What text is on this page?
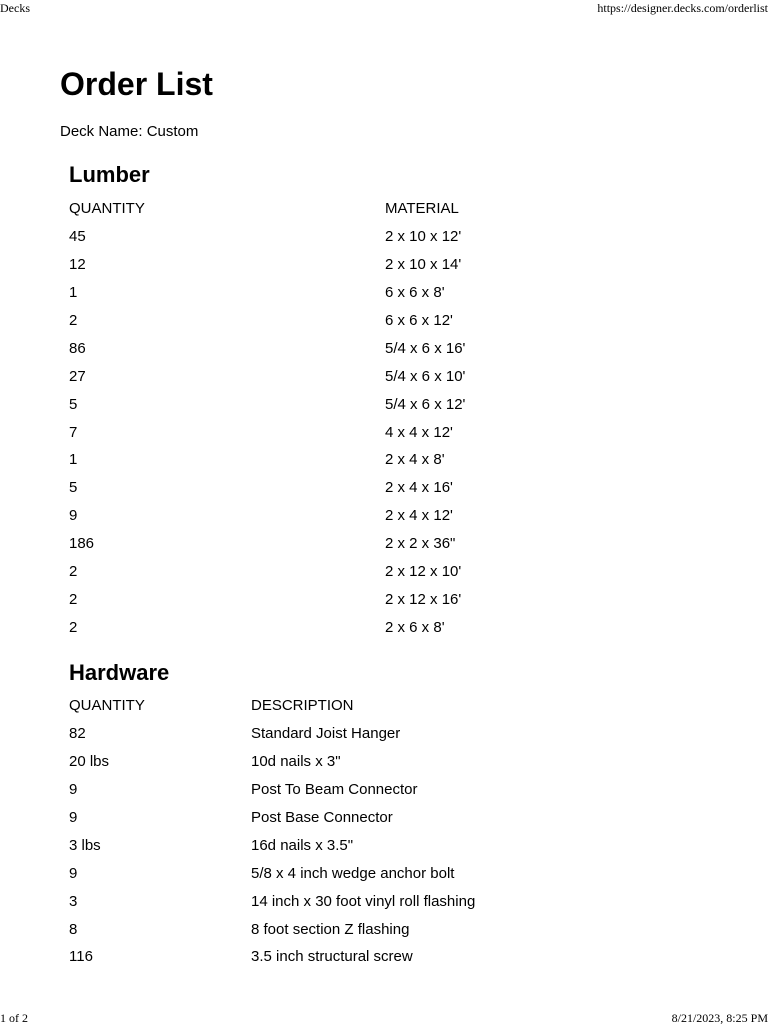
Decks	https://designer.decks.com/orderlist
Order List
Deck Name: Custom
Lumber
QUANTITY	MATERIAL
45	2 x 10 x 12'
12	2 x 10 x 14'
1	6 x 6 x 8'
2	6 x 6 x 12'
86	5/4 x 6 x 16'
27	5/4 x 6 x 10'
5	5/4 x 6 x 12'
7	4 x 4 x 12'
1	2 x 4 x 8'
5	2 x 4 x 16'
9	2 x 4 x 12'
186	2 x 2 x 36"
2	2 x 12 x 10'
2	2 x 12 x 16'
2	2 x 6 x 8'
Hardware
QUANTITY	DESCRIPTION
82	Standard Joist Hanger
20 lbs	10d nails x 3"
9	Post To Beam Connector
9	Post Base Connector
3 lbs	16d nails x 3.5"
9	5/8 x 4 inch wedge anchor bolt
3	14 inch x 30 foot vinyl roll flashing
8	8 foot section Z flashing
116	3.5 inch structural screw
1 of 2	8/21/2023, 8:25 PM
